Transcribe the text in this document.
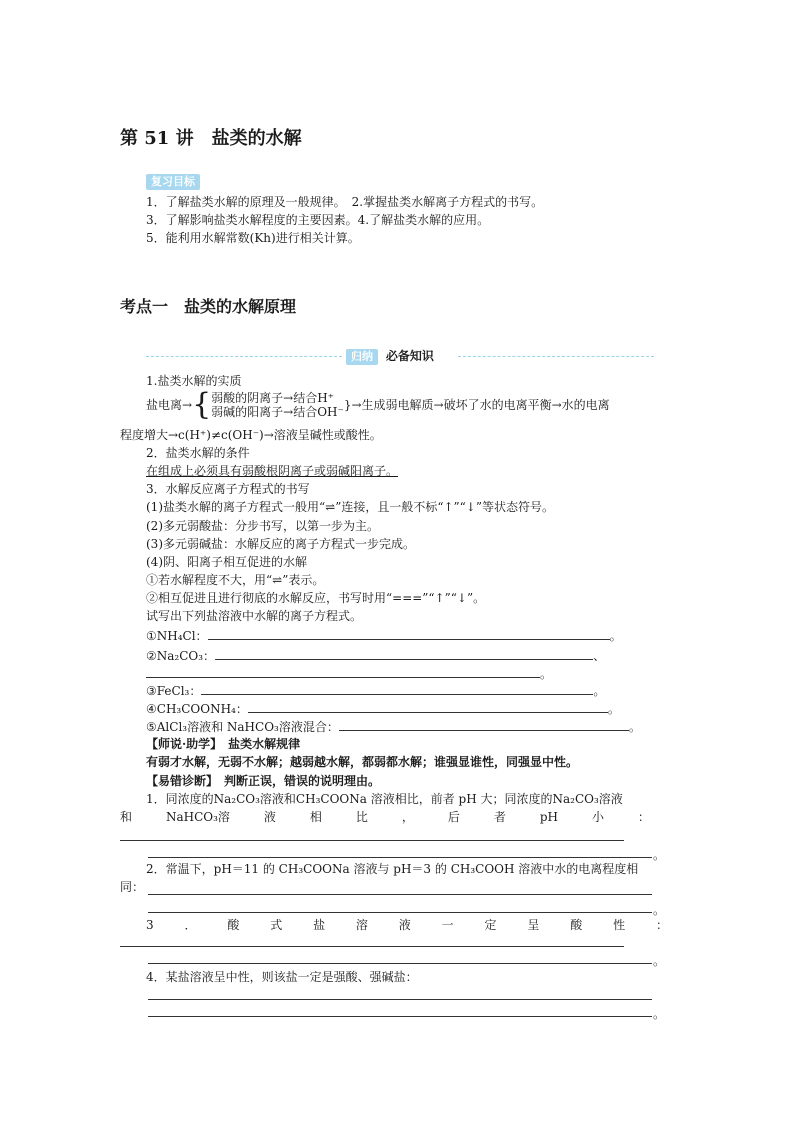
第 51 讲　盐类的水解
复习目标
1．了解盐类水解的原理及一般规律。　2.掌握盐类水解离子方程式的书写。
3．了解影响盐类水解程度的主要因素。4.了解盐类水解的应用。
5．能利用水解常数(Kh)进行相关计算。
考点一　盐类的水解原理
归纳 必备知识
1.盐类水解的实质
盐电离→{ 弱酸的阴离子→结合H⁺
弱碱的阳离子→结合OH⁻ }→生成弱电解质→破坏了水的电离平衡→水的电离
程度增大→c(H⁺)≠c(OH⁻)→溶液呈碱性或酸性。
2．盐类水解的条件
在组成上必须具有弱酸根阴离子或弱碱阳离子。
3．水解反应离子方程式的书写
(1)盐类水解的离子方程式一般用“⇌”连接，且一般不标“↑”“↓”等状态符号。
(2)多元弱酸盐：分步书写，以第一步为主。
(3)多元弱碱盐：水解反应的离子方程式一步完成。
(4)阴、阳离子相互促进的水解
①若水解程度不大，用“⇌”表示。
②相互促进且进行彻底的水解反应，书写时用“===”“↑”“↓”。
试写出下列盐溶液中水解的离子方程式。
①NH₄Cl：	。
②Na₂CO₃：	、
。
③FeCl₃：	。
④CH₃COONH₄：	。
⑤AlCl₃溶液和 NaHCO₃溶液混合：	。
【师说·助学】　盐类水解规律
有弱才水解，无弱不水解；越弱越水解，都弱都水解；谁强显谁性，同强显中性。
【易错诊断】　判断正误，错误的说明理由。
1．同浓度的Na₂CO₃溶液和CH₃COONa 溶液相比，前者 pH 大；同浓度的Na₂CO₃溶液
和	NaHCO₃溶	液	相	比	，	后	者	pH	小	：
。
2．常温下，pH＝11 的 CH₃COONa 溶液与 pH＝3 的 CH₃COOH 溶液中水的电离程度相
同：
。
3	．	酸	式	盐	溶	液	一	定	呈	酸	性	：
。
4．某盐溶液呈中性，则该盐一定是强酸、强碱盐：
。
